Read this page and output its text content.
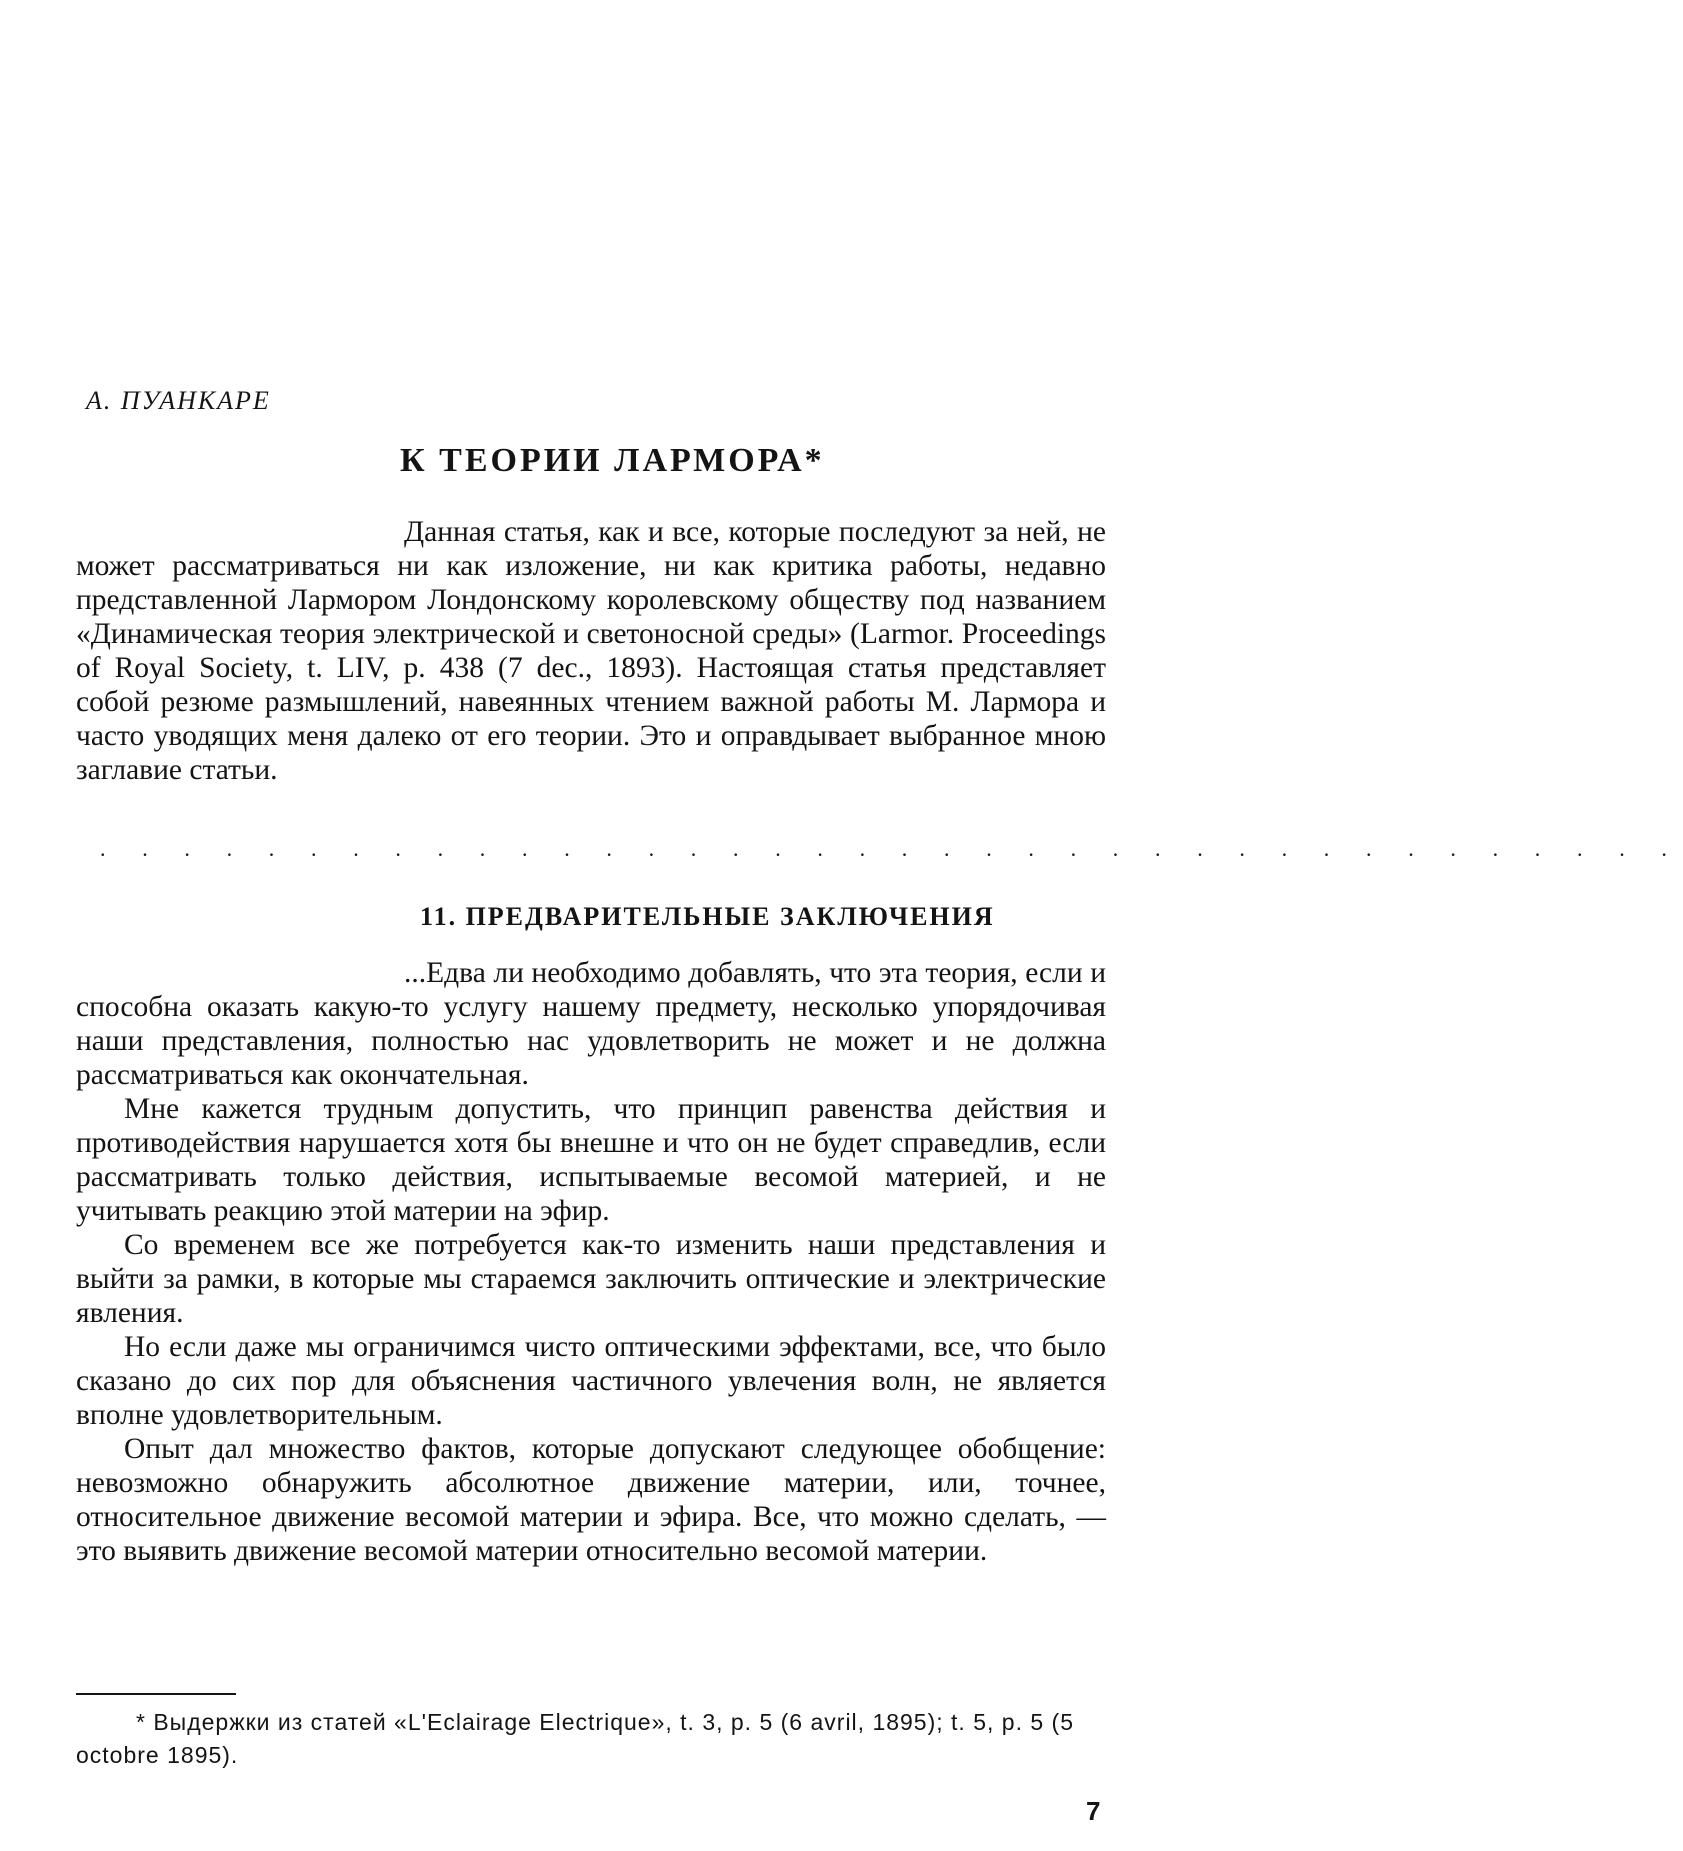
А. ПУАНКАРЕ

К ТЕОРИИ ЛАРМОРА*

Данная статья, как и все, которые последуют за ней, не может рассматриваться ни как изложение, ни как критика работы, недавно представленной Лармором Лондонскому королевскому обществу под названием «Динамическая теория электрической и светоносной среды» (Larmor. Proceedings of Royal Society, t. LIV, p. 438 (7 dec., 1893). Настоящая статья представляет собой резюме размышлений, навеянных чтением важной работы М. Лармора и часто уводящих меня далеко от его теории. Это и оправдывает выбранное мною заглавие статьи.

. . . . . . . . . . . . . . . . . . . . . . . . . . . . . . . . . . . . . .

11. ПРЕДВАРИТЕЛЬНЫЕ ЗАКЛЮЧЕНИЯ

...Едва ли необходимо добавлять, что эта теория, если и способна оказать какую-то услугу нашему предмету, несколько упорядочивая наши представления, полностью нас удовлетворить не может и не должна рассматриваться как окончательная.

Мне кажется трудным допустить, что принцип равенства действия и противодействия нарушается хотя бы внешне и что он не будет справедлив, если рассматривать только действия, испытываемые весомой материей, и не учитывать реакцию этой материи на эфир.

Со временем все же потребуется как-то изменить наши представления и выйти за рамки, в которые мы стараемся заключить оптические и электрические явления.

Но если даже мы ограничимся чисто оптическими эффектами, все, что было сказано до сих пор для объяснения частичного увлечения волн, не является вполне удовлетворительным.

Опыт дал множество фактов, которые допускают следующее обобщение: невозможно обнаружить абсолютное движение материи, или, точнее, относительное движение весомой материи и эфира. Все, что можно сделать, — это выявить движение весомой материи относительно весомой материи.

* Выдержки из статей «L'Eclairage Electrique», t. 3, p. 5 (6 avril, 1895); t. 5, p. 5 (5 octobre 1895).

7
